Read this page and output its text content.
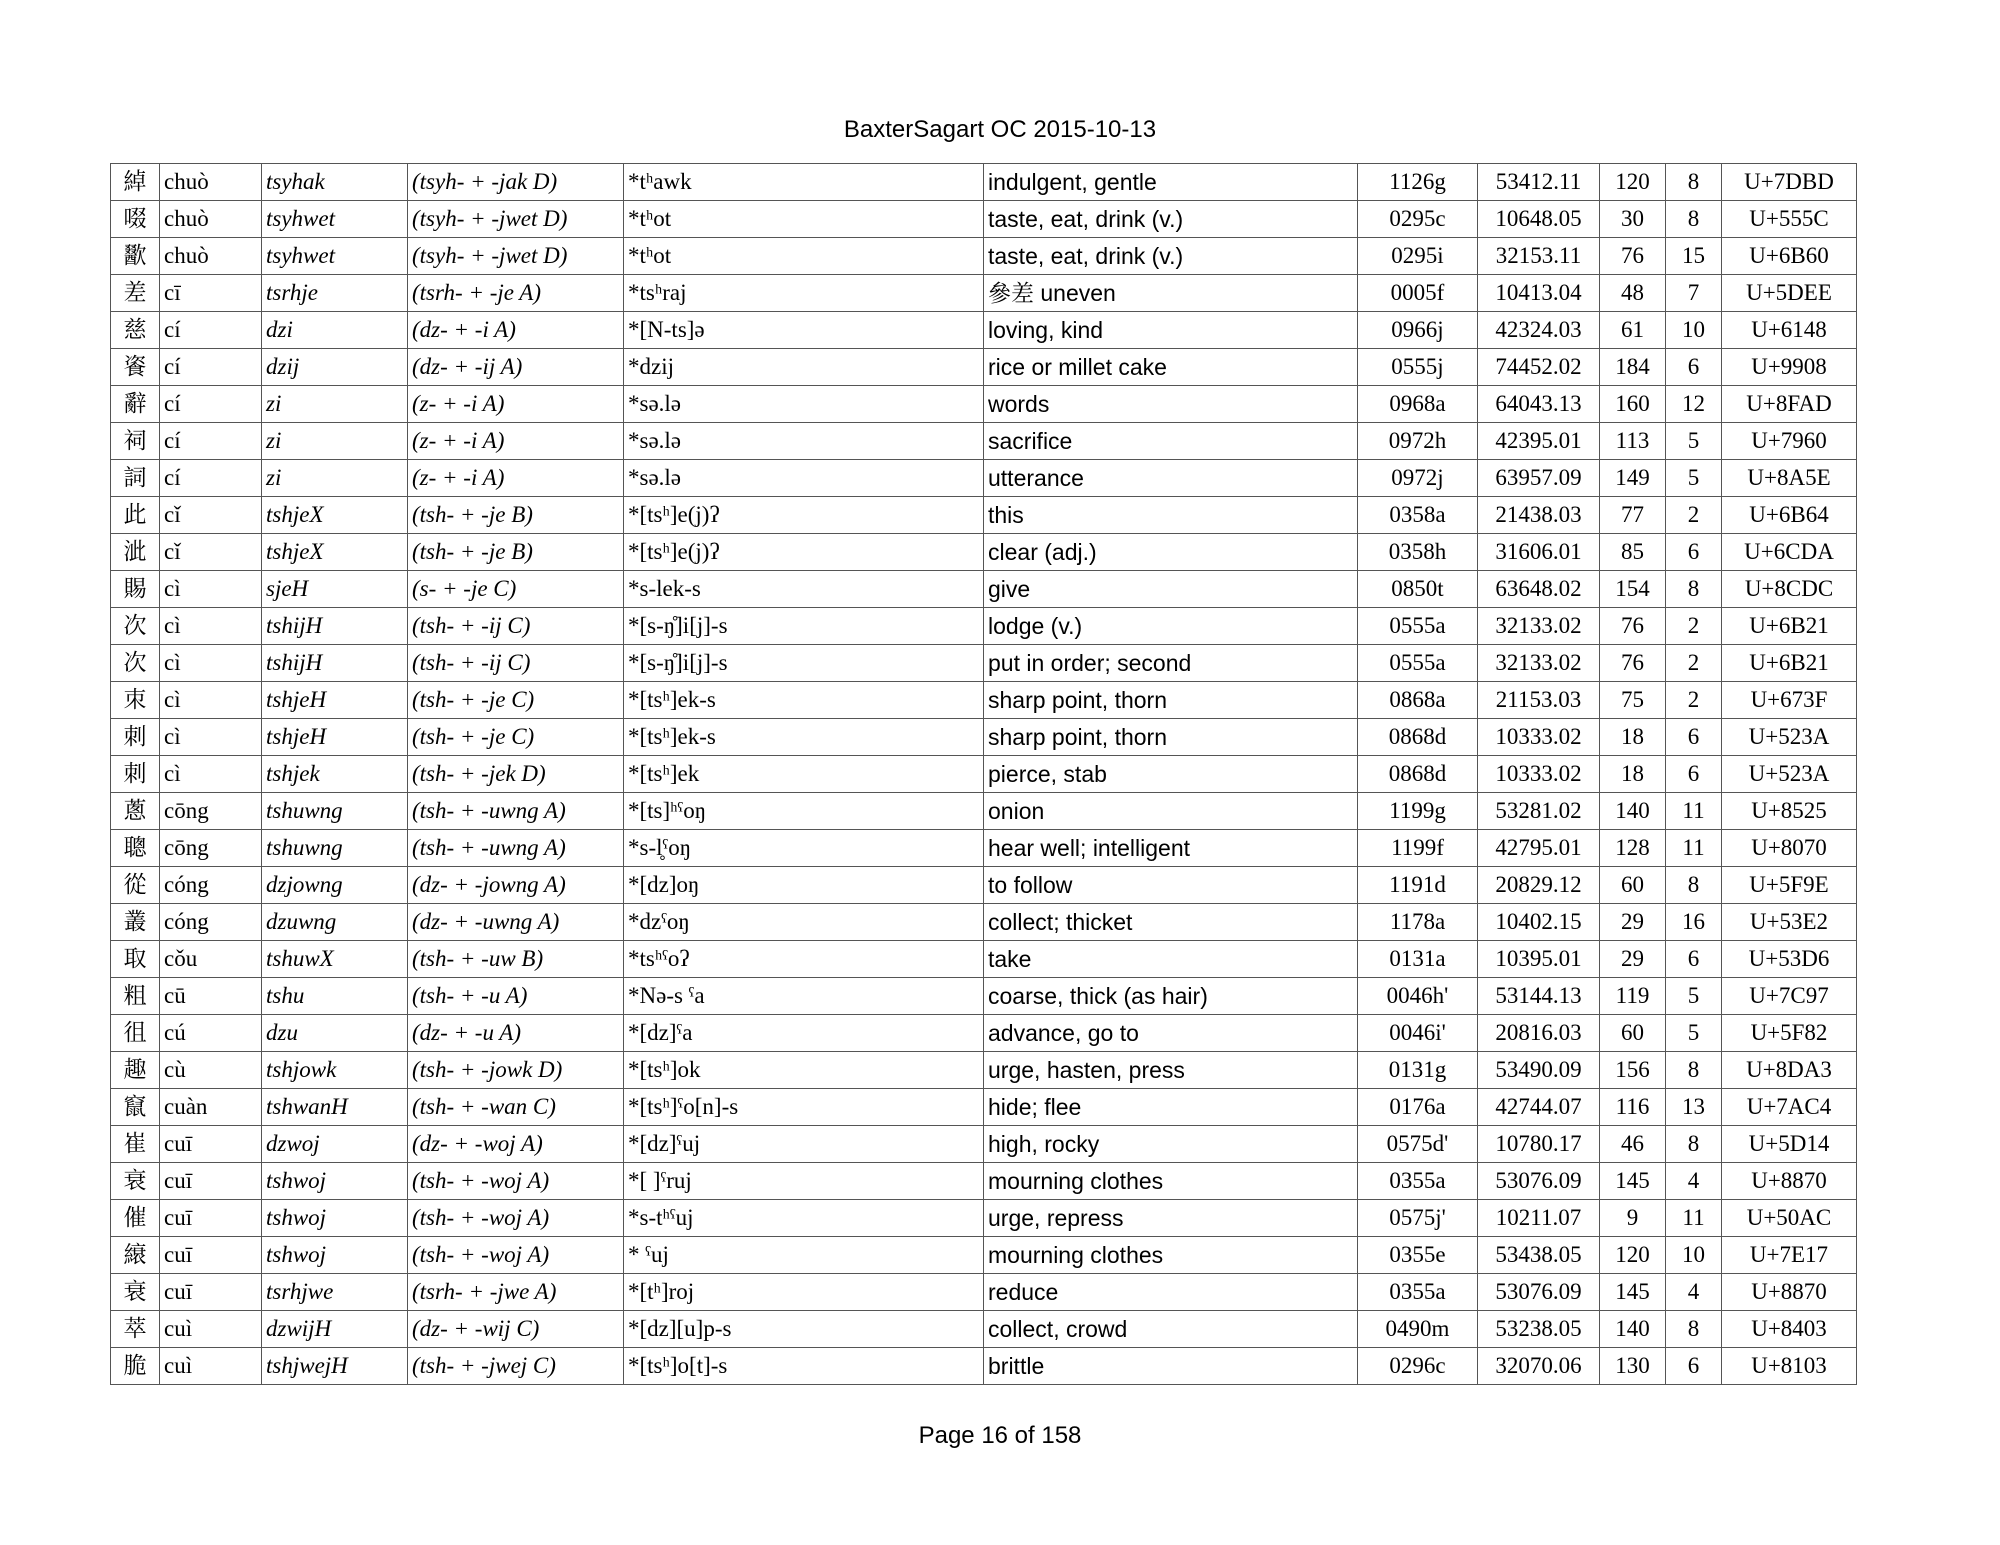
BaxterSagart OC 2015-10-13
綽	chuò	tsyhak	(tsyh- + -jak D)	*tʰawk	indulgent, gentle	1126g	53412.11	120	8	U+7DBD
啜	chuò	tsyhwet	(tsyh- + -jwet D)	*tʰot	taste, eat, drink (v.)	0295c	10648.05	30	8	U+555C
歠	chuò	tsyhwet	(tsyh- + -jwet D)	*tʰot	taste, eat, drink (v.)	0295i	32153.11	76	15	U+6B60
差	cī	tsrhje	(tsrh- + -je A)	*tsʰraj	參差 uneven	0005f	10413.04	48	7	U+5DEE
慈	cí	dzi	(dz- + -i A)	*[N-ts]ə	loving, kind	0966j	42324.03	61	10	U+6148
餈	cí	dzij	(dz- + -ij A)	*dzij	rice or millet cake	0555j	74452.02	184	6	U+9908
辭	cí	zi	(z- + -i A)	*sə.lə	words	0968a	64043.13	160	12	U+8FAD
祠	cí	zi	(z- + -i A)	*sə.lə	sacrifice	0972h	42395.01	113	5	U+7960
詞	cí	zi	(z- + -i A)	*sə.lə	utterance	0972j	63957.09	149	5	U+8A5E
此	cǐ	tshjeX	(tsh- + -je B)	*[tsʰ]e(j)ʔ	this	0358a	21438.03	77	2	U+6B64
泚	cǐ	tshjeX	(tsh- + -je B)	*[tsʰ]e(j)ʔ	clear (adj.)	0358h	31606.01	85	6	U+6CDA
賜	cì	sjeH	(s- + -je C)	*s-lek-s	give	0850t	63648.02	154	8	U+8CDC
次	cì	tshijH	(tsh- + -ij C)	*[s-ŋ̊]i[j]-s	lodge (v.)	0555a	32133.02	76	2	U+6B21
次	cì	tshijH	(tsh- + -ij C)	*[s-ŋ̊]i[j]-s	put in order; second	0555a	32133.02	76	2	U+6B21
朿	cì	tshjeH	(tsh- + -je C)	*[tsʰ]ek-s	sharp point, thorn	0868a	21153.03	75	2	U+673F
刺	cì	tshjeH	(tsh- + -je C)	*[tsʰ]ek-s	sharp point, thorn	0868d	10333.02	18	6	U+523A
刺	cì	tshjek	(tsh- + -jek D)	*[tsʰ]ek	pierce, stab	0868d	10333.02	18	6	U+523A
蔥	cōng	tshuwng	(tsh- + -uwng A)	*[ts]ʰˤoŋ	onion	1199g	53281.02	140	11	U+8525
聰	cōng	tshuwng	(tsh- + -uwng A)	*s-l̥ˤoŋ	hear well; intelligent	1199f	42795.01	128	11	U+8070
從	cóng	dzjowng	(dz- + -jowng A)	*[dz]oŋ	to follow	1191d	20829.12	60	8	U+5F9E
叢	cóng	dzuwng	(dz- + -uwng A)	*dzˤoŋ	collect; thicket	1178a	10402.15	29	16	U+53E2
取	cǒu	tshuwX	(tsh- + -uw B)	*tsʰˤoʔ	take	0131a	10395.01	29	6	U+53D6
粗	cū	tshu	(tsh- + -u A)	*Nə-s ˤa	coarse, thick (as hair)	0046h'	53144.13	119	5	U+7C97
徂	cú	dzu	(dz- + -u A)	*[dz]ˤa	advance, go to	0046i'	20816.03	60	5	U+5F82
趣	cù	tshjowk	(tsh- + -jowk D)	*[tsʰ]ok	urge, hasten, press	0131g	53490.09	156	8	U+8DA3
竄	cuàn	tshwanH	(tsh- + -wan C)	*[tsʰ]ˤo[n]-s	hide; flee	0176a	42744.07	116	13	U+7AC4
崔	cuī	dzwoj	(dz- + -woj A)	*[dz]ˤuj	high, rocky	0575d'	10780.17	46	8	U+5D14
衰	cuī	tshwoj	(tsh- + -woj A)	*[ ]ˤruj	mourning clothes	0355a	53076.09	145	4	U+8870
催	cuī	tshwoj	(tsh- + -woj A)	*s-tʰˤuj	urge, repress	0575j'	10211.07	9	11	U+50AC
縗	cuī	tshwoj	(tsh- + -woj A)	* ˤuj	mourning clothes	0355e	53438.05	120	10	U+7E17
衰	cuī	tsrhjwe	(tsrh- + -jwe A)	*[tʰ]roj	reduce	0355a	53076.09	145	4	U+8870
萃	cuì	dzwijH	(dz- + -wij C)	*[dz][u]p-s	collect, crowd	0490m	53238.05	140	8	U+8403
脆	cuì	tshjwejH	(tsh- + -jwej C)	*[tsʰ]o[t]-s	brittle	0296c	32070.06	130	6	U+8103
Page 16 of 158
